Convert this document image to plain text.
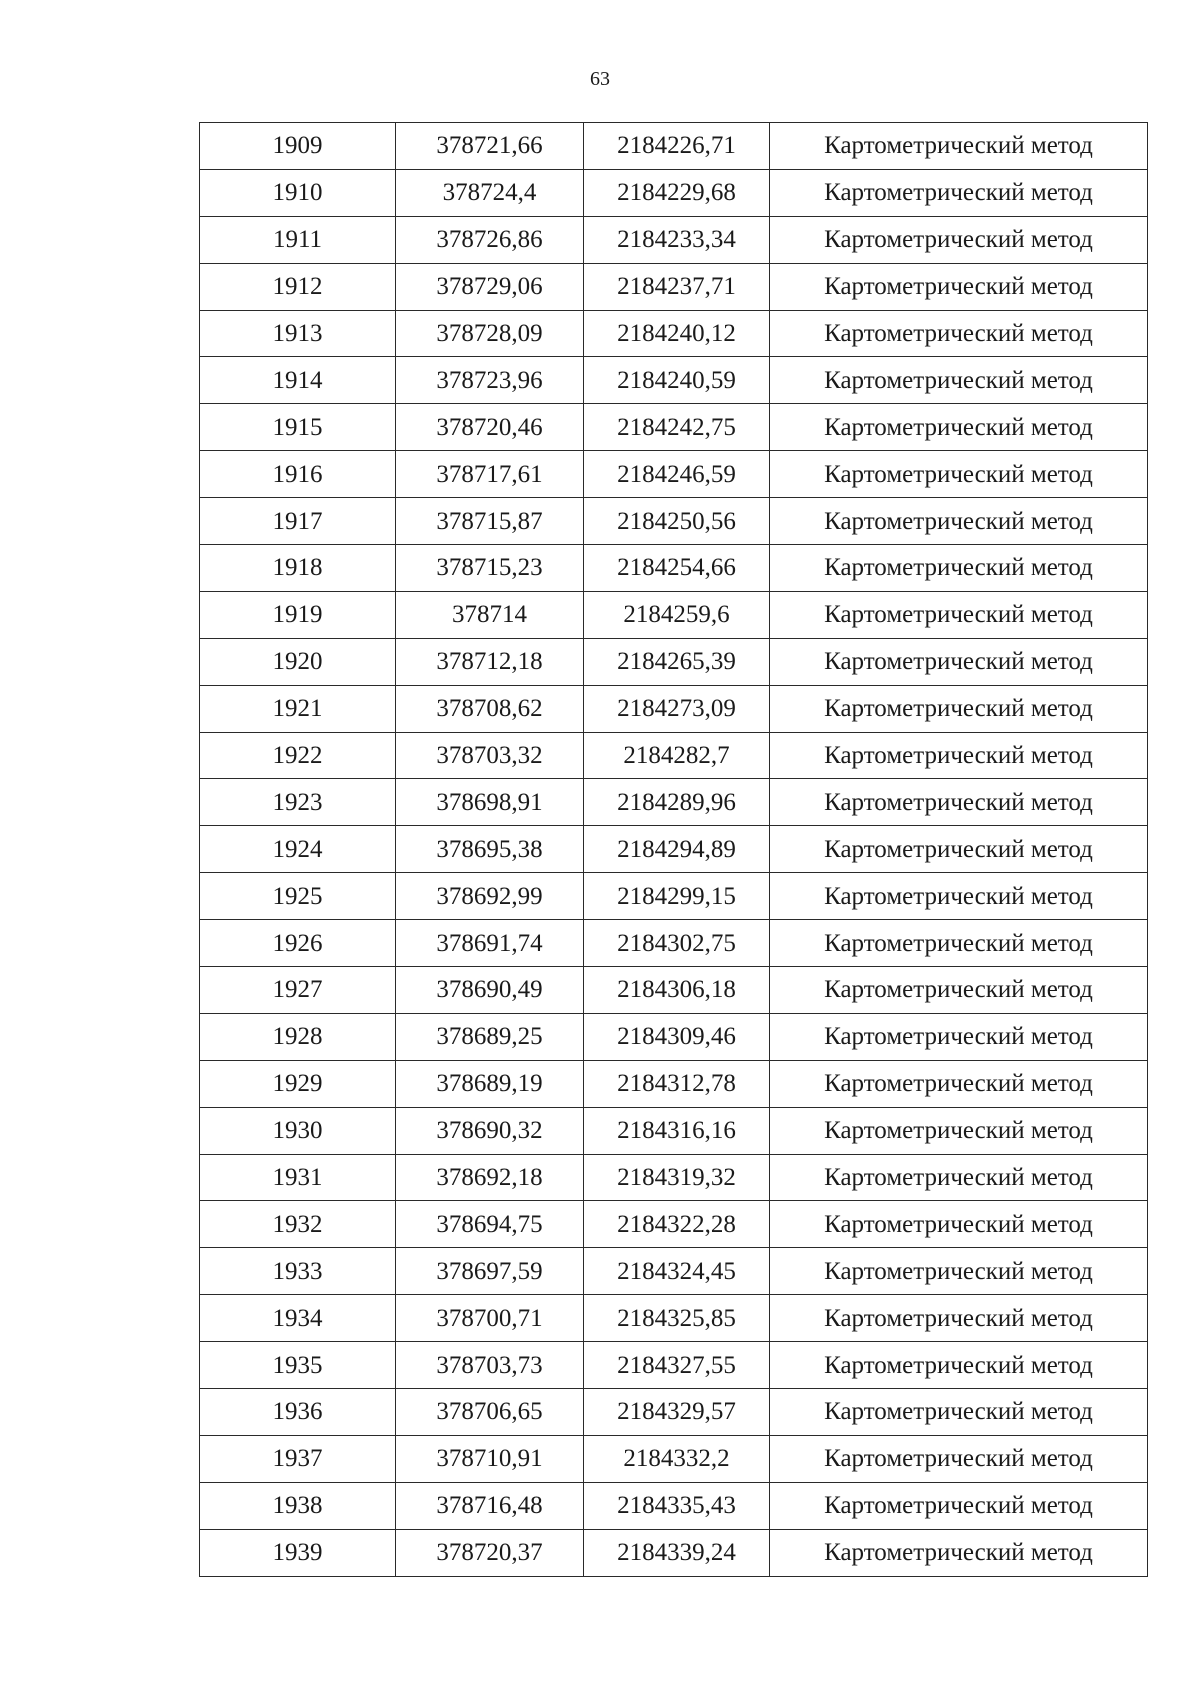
63
1909	378721,66	2184226,71	Картометрический метод
1910	378724,4	2184229,68	Картометрический метод
1911	378726,86	2184233,34	Картометрический метод
1912	378729,06	2184237,71	Картометрический метод
1913	378728,09	2184240,12	Картометрический метод
1914	378723,96	2184240,59	Картометрический метод
1915	378720,46	2184242,75	Картометрический метод
1916	378717,61	2184246,59	Картометрический метод
1917	378715,87	2184250,56	Картометрический метод
1918	378715,23	2184254,66	Картометрический метод
1919	378714	2184259,6	Картометрический метод
1920	378712,18	2184265,39	Картометрический метод
1921	378708,62	2184273,09	Картометрический метод
1922	378703,32	2184282,7	Картометрический метод
1923	378698,91	2184289,96	Картометрический метод
1924	378695,38	2184294,89	Картометрический метод
1925	378692,99	2184299,15	Картометрический метод
1926	378691,74	2184302,75	Картометрический метод
1927	378690,49	2184306,18	Картометрический метод
1928	378689,25	2184309,46	Картометрический метод
1929	378689,19	2184312,78	Картометрический метод
1930	378690,32	2184316,16	Картометрический метод
1931	378692,18	2184319,32	Картометрический метод
1932	378694,75	2184322,28	Картометрический метод
1933	378697,59	2184324,45	Картометрический метод
1934	378700,71	2184325,85	Картометрический метод
1935	378703,73	2184327,55	Картометрический метод
1936	378706,65	2184329,57	Картометрический метод
1937	378710,91	2184332,2	Картометрический метод
1938	378716,48	2184335,43	Картометрический метод
1939	378720,37	2184339,24	Картометрический метод
